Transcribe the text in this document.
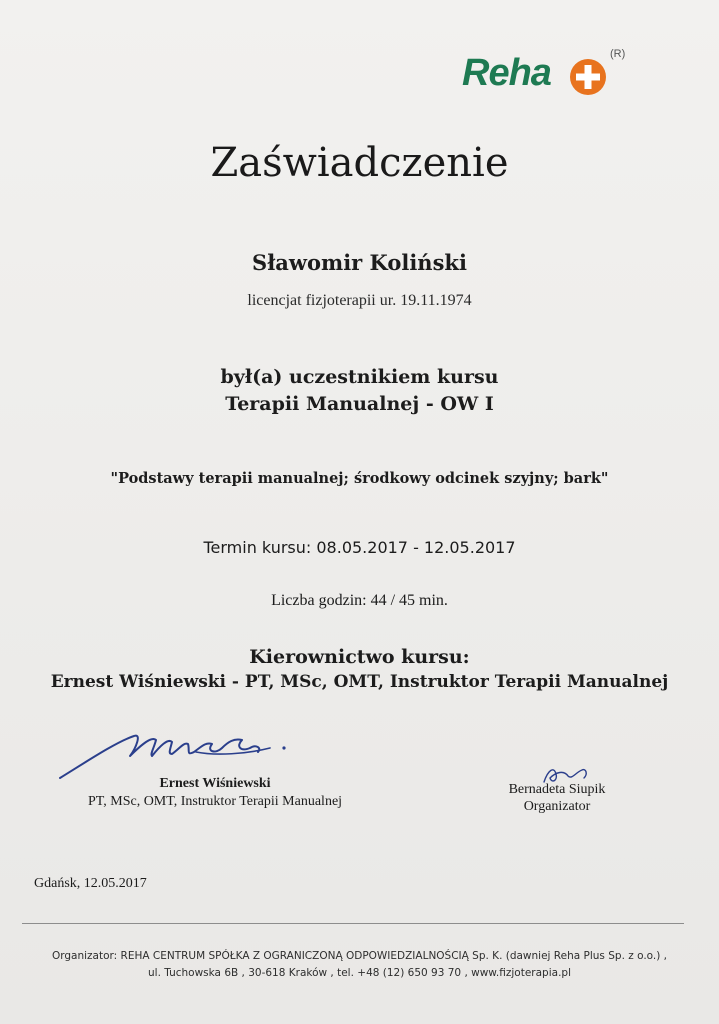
Reha	(R)
Zaświadczenie
Sławomir Koliński
licencjat fizjoterapii ur. 19.11.1974
był(a) uczestnikiem kursu
Terapii Manualnej - OW I
"Podstawy terapii manualnej; środkowy odcinek szyjny; bark"
Termin kursu: 08.05.2017 - 12.05.2017
Liczba godzin: 44 / 45 min.
Kierownictwo kursu:
Ernest Wiśniewski - PT, MSc, OMT, Instruktor Terapii Manualnej
Ernest Wiśniewski
PT, MSc, OMT, Instruktor Terapii Manualnej
Bernadeta Siupik
Organizator
Gdańsk, 12.05.2017
Organizator: REHA CENTRUM SPÓŁKA Z OGRANICZONĄ ODPOWIEDZIALNOŚCIĄ Sp. K. (dawniej Reha Plus Sp. z o.o.) ,
ul. Tuchowska 6B , 30-618 Kraków , tel. +48 (12) 650 93 70 , www.fizjoterapia.pl
